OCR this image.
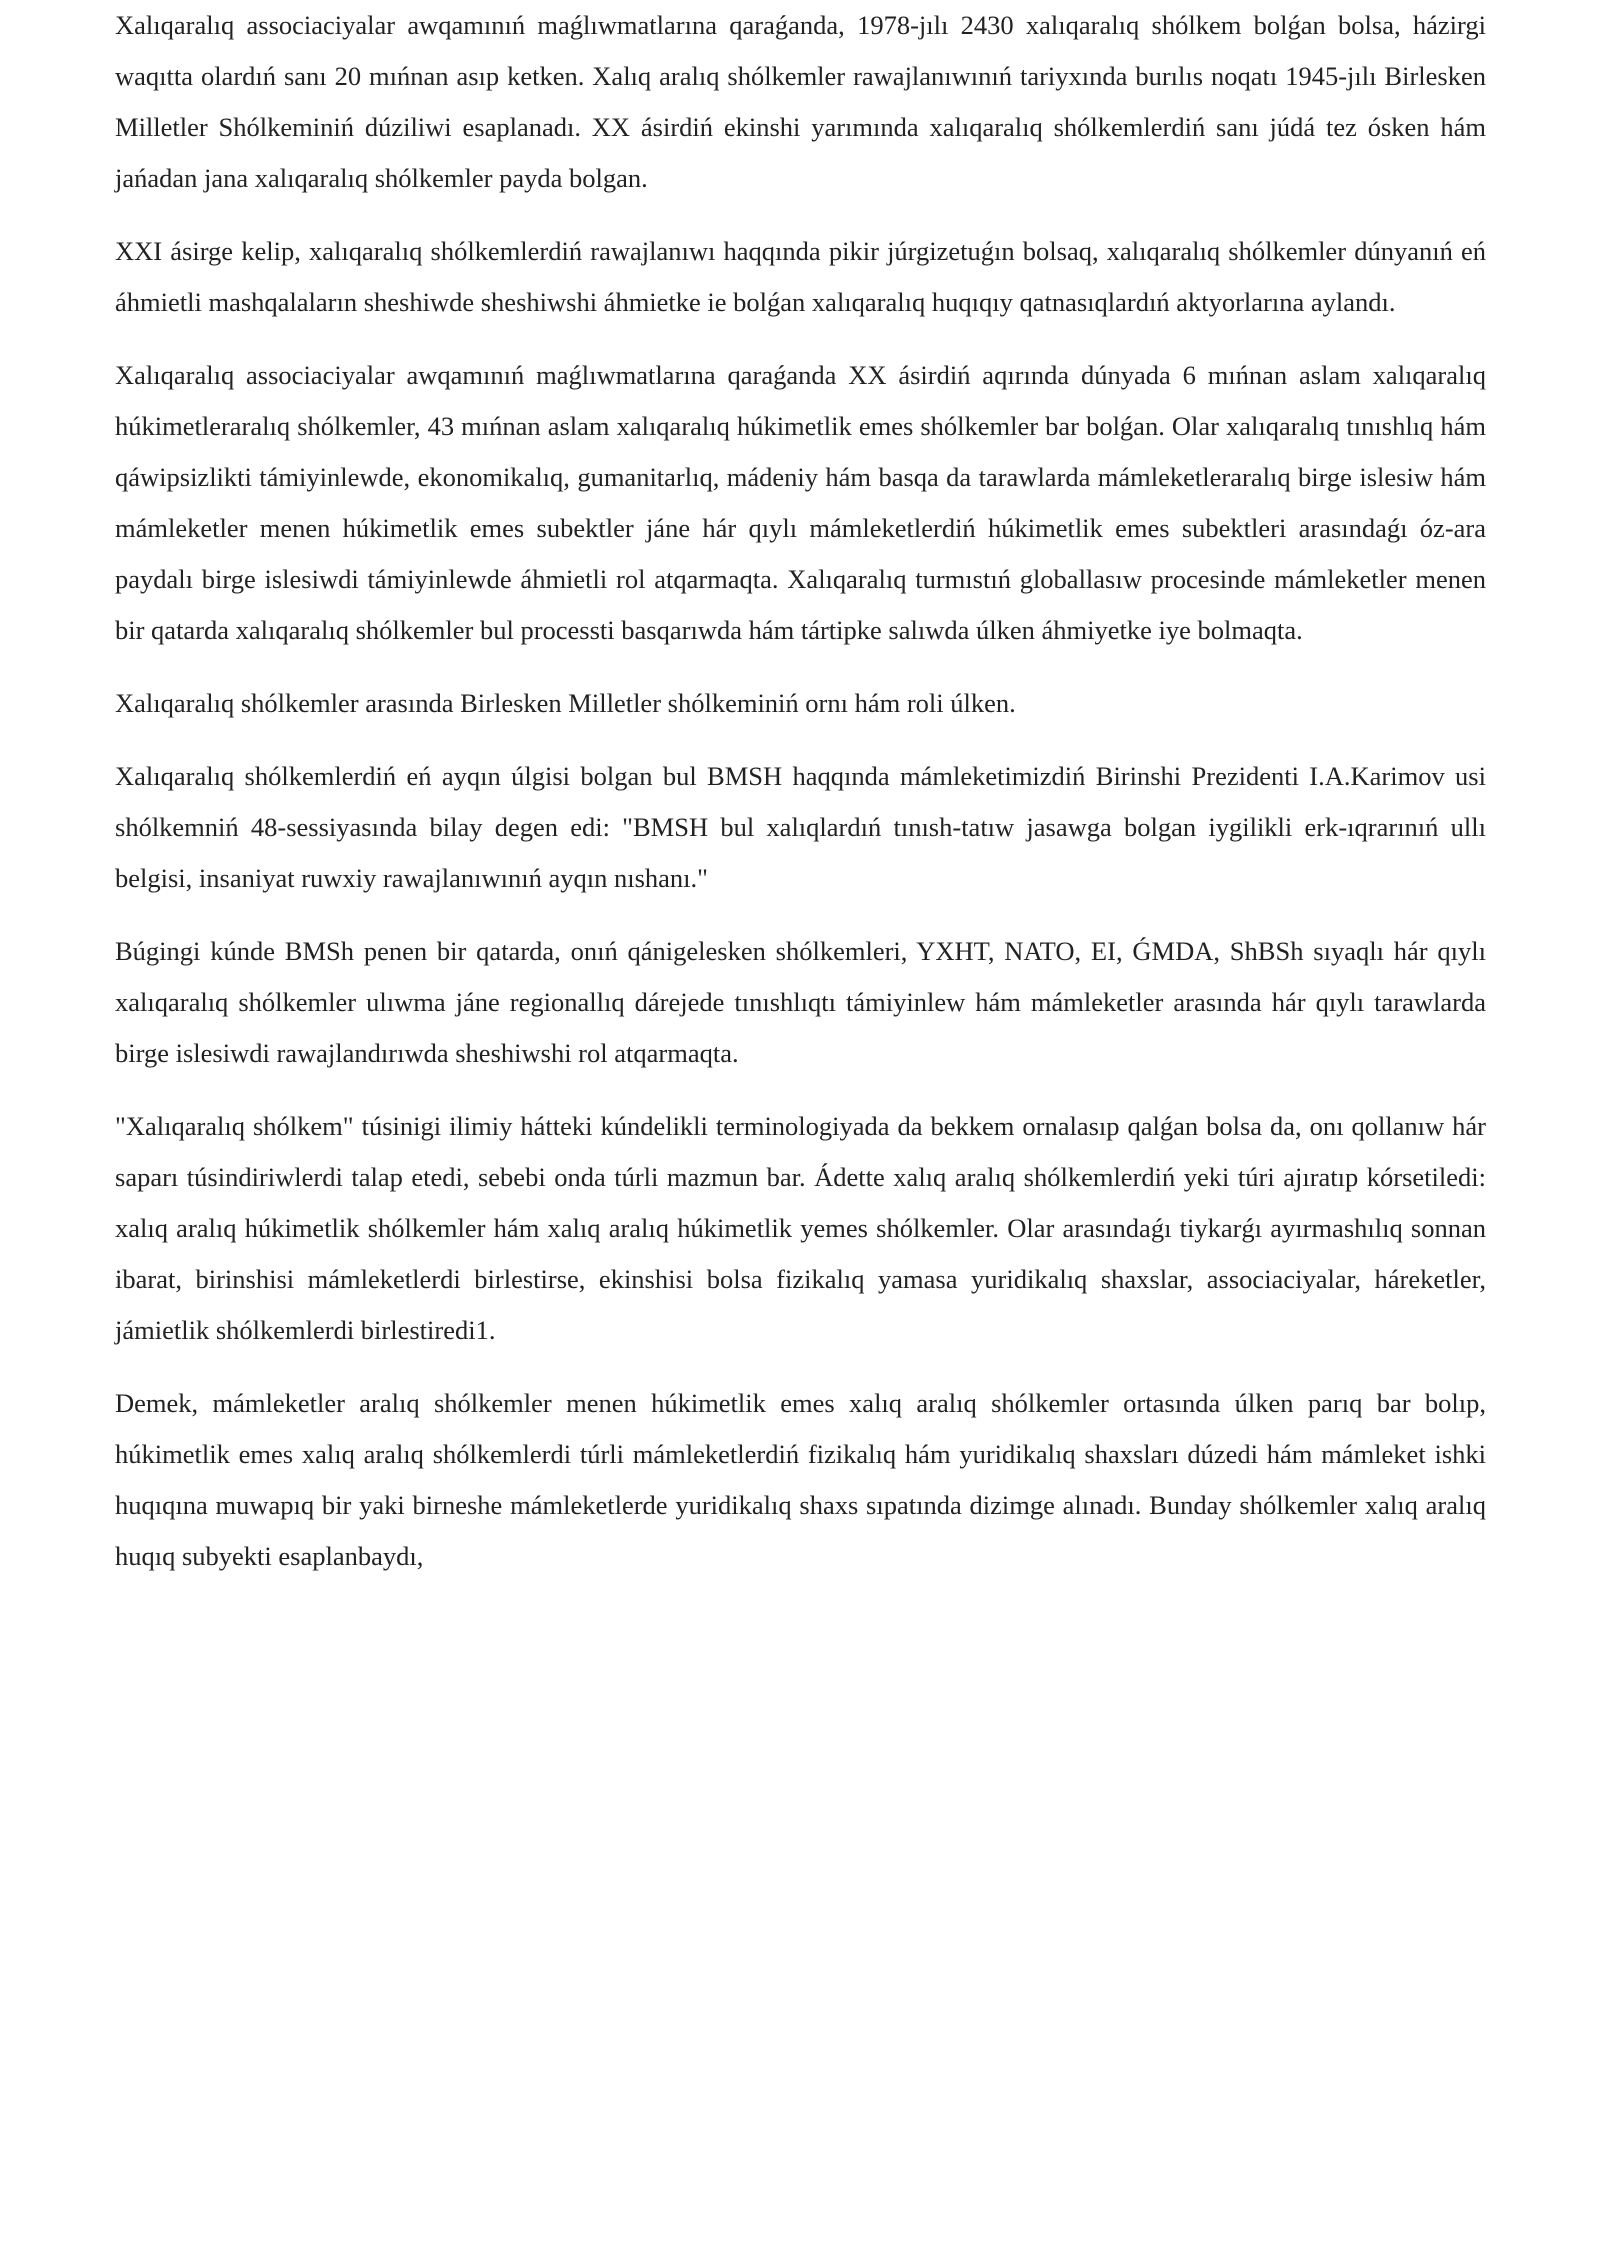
Xalıqaralıq associaciyalar awqamınıń maǵlıwmatlarına qaraǵanda, 1978-jılı 2430 xalıqaralıq shólkem bolǵan bolsa, házirgi waqıtta olardıń sanı 20 mıńnan asıp ketken. Xalıq aralıq shólkemler rawajlanıwınıń tariyxında burılıs noqatı 1945-jılı Birlesken Milletler Shólkeminiń dúziliwi esaplanadı. XX ásirdiń ekinshi yarımında xalıqaralıq shólkemlerdiń sanı júdá tez ósken hám jańadan jana xalıqaralıq shólkemler payda bolgan.

XXI ásirge kelip, xalıqaralıq shólkemlerdiń rawajlanıwı haqqında pikir júrgizetuǵın bolsaq, xalıqaralıq shólkemler dúnyanıń eń áhmietli mashqalaların sheshiwde sheshiwshi áhmietke ie bolǵan xalıqaralıq huqıqıy qatnasıqlardıń aktyorlarına aylandı.

Xalıqaralıq associaciyalar awqamınıń maǵlıwmatlarına qaraǵanda XX ásirdiń aqırında dúnyada 6 mıńnan aslam xalıqaralıq húkimetleraralıq shólkemler, 43 mıńnan aslam xalıqaralıq húkimetlik emes shólkemler bar bolǵan. Olar xalıqaralıq tınıshlıq hám qáwipsizlikti támiyinlewde, ekonomikalıq, gumanitarlıq, mádeniy hám basqa da tarawlarda mámleketleraralıq birge islesiw hám mámleketler menen húkimetlik emes subektler jáne hár qıylı mámleketlerdiń húkimetlik emes subektleri arasındaǵı óz-ara paydalı birge islesiwdi támiyinlewde áhmietli rol atqarmaqta. Xalıqaralıq turmıstıń globallasıw procesinde mámleketler menen bir qatarda xalıqaralıq shólkemler bul processti basqarıwda hám tártipke salıwda úlken áhmiyetke iye bolmaqta.

Xalıqaralıq shólkemler arasında Birlesken Milletler shólkeminiń ornı hám roli úlken.

Xalıqaralıq shólkemlerdiń eń ayqın úlgisi bolgan bul BMSH haqqında mámleketimizdiń Birinshi Prezidenti I.A.Karimov usi shólkemniń 48-sessiyasında bilay degen edi: "BMSH bul xalıqlardıń tınısh-tatıw jasawga bolgan iygilikli erk-ıqrarınıń ullı belgisi, insaniyat ruwxiy rawajlanıwınıń ayqın nıshanı."

Búgingi kúnde BMSh penen bir qatarda, onıń qánigelesken shólkemleri, YXHT, NATO, EI, ǴMDA, ShBSh sıyaqlı hár qıylı xalıqaralıq shólkemler ulıwma jáne regionallıq dárejede tınıshlıqtı támiyinlew hám mámleketler arasında hár qıylı tarawlarda birge islesiwdi rawajlandırıwda sheshiwshi rol atqarmaqta.

"Xalıqaralıq shólkem" túsinigi ilimiy hátteki kúndelikli terminologiyada da bekkem ornalasıp qalǵan bolsa da, onı qollanıw hár saparı túsindiriwlerdi talap etedi, sebebi onda túrli mazmun bar. Ádette xalıq aralıq shólkemlerdiń yeki túri ajıratıp kórsetiledi: xalıq aralıq húkimetlik shólkemler hám xalıq aralıq húkimetlik yemes shólkemler. Olar arasındaǵı tiykarǵı ayırmashılıq sonnan ibarat, birinshisi mámleketlerdi birlestirse, ekinshisi bolsa fizikalıq yamasa yuridikalıq shaxslar, associaciyalar, háreketler, jámietlik shólkemlerdi birlestiredi1.

Demek, mámleketler aralıq shólkemler menen húkimetlik emes xalıq aralıq shólkemler ortasında úlken parıq bar bolıp, húkimetlik emes xalıq aralıq shólkemlerdi túrli mámleketlerdiń fizikalıq hám yuridikalıq shaxsları dúzedi hám mámleket ishki huqıqına muwapıq bir yaki birneshe mámleketlerde yuridikalıq shaxs sıpatında dizimge alınadı. Bunday shólkemler xalıq aralıq huqıq subyekti esaplanbaydı,
